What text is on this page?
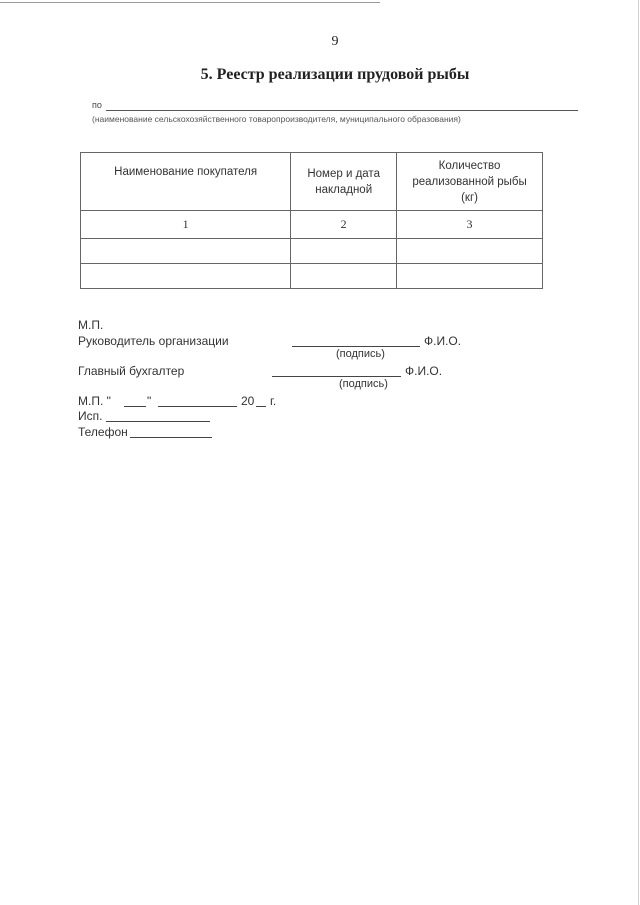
9
5. Реестр реализации прудовой рыбы
по
(наименование сельскохозяйственного товаропроизводителя, муниципального образования)
Наименование покупателя	Номер и дата накладной	Количество реализованной рыбы (кг)

1	2	3

М.П.
Руководитель организации	Ф.И.О.
(подпись)
Главный бухгалтер	Ф.И.О.
(подпись)
М.П. "	"	20 г.
Исп.
Телефон
